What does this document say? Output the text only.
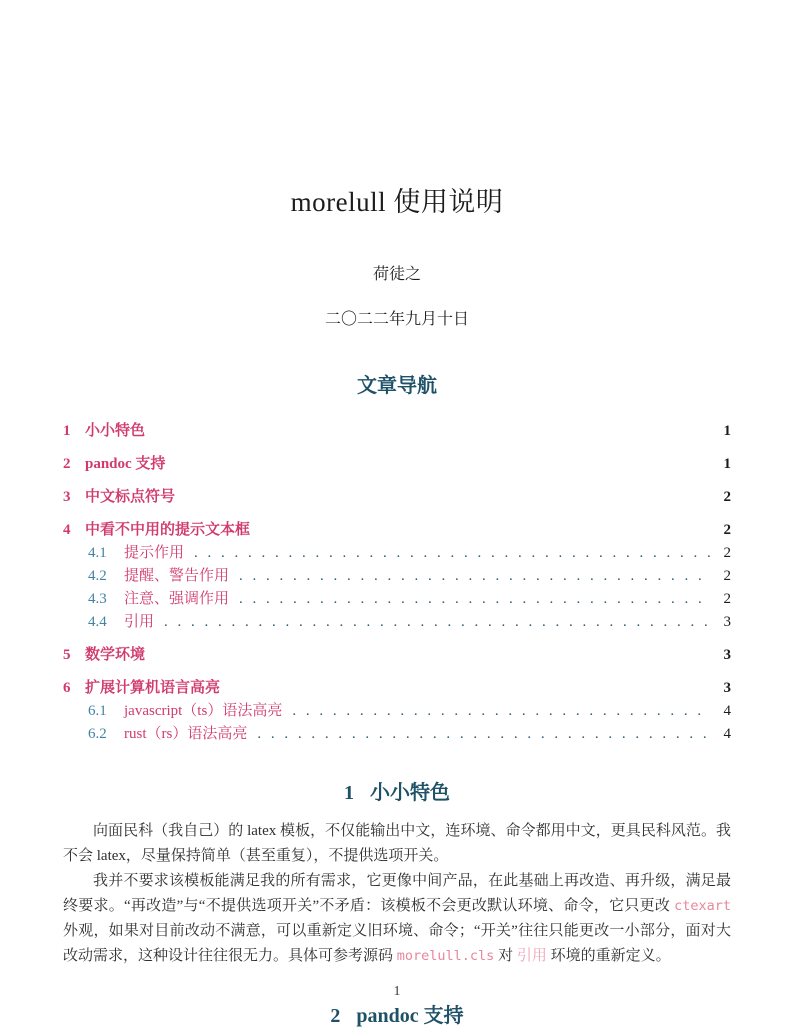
morelull 使用说明
荷徒之
二〇二二年九月十日
文章导航
1 小小特色	1
2 pandoc 支持	1
3 中文标点符号	2
4 中看不中用的提示文本框	2
4.1	提示作用 . . .	2
4.2	提醒、警告作用 . . .	2
4.3	注意、强调作用 . . .	2
4.4	引用 . . .	3
5 数学环境	3
6 扩展计算机语言高亮	3
6.1	javascript（ts）语法高亮 . . .	4
6.2	rust（rs）语法高亮 . . .	4
1 小小特色

向面民科（我自己）的 latex 模板，不仅能输出中文，连环境、命令都用中文，更具民科风范。我不会 latex，尽量保持简单（甚至重复），不提供选项开关。

我并不要求该模板能满足我的所有需求，它更像中间产品，在此基础上再改造、再升级，满足最终要求。“再改造”与“不提供选项开关”不矛盾：该模板不会更改默认环境、命令，它只更改 ctexart 外观，如果对目前改动不满意，可以重新定义旧环境、命令；“开关”往往只能更改一小部分，面对大改动需求，这种设计往往很无力。具体可参考源码 morelull.cls 对 引用 环境的重新定义。

2 pandoc 支持

1
